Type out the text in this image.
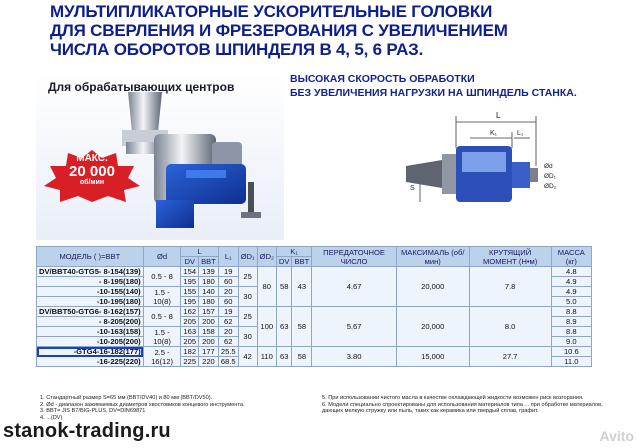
МУЛЬТИПЛИКАТОРНЫЕ УСКОРИТЕЛЬНЫЕ ГОЛОВКИ
ДЛЯ СВЕРЛЕНИЯ И ФРЕЗЕРОВАНИЯ С УВЕЛИЧЕНИЕМ
ЧИСЛА ОБОРОТОВ ШПИНДЕЛЯ В 4, 5, 6 РАЗ.
Для обрабатывающих центров
МАКС.
20 000
об/мин
ВЫСОКАЯ СКОРОСТЬ ОБРАБОТКИ
БЕЗ УВЕЛИЧЕНИЯ НАГРУЗКИ НА ШПИНДЕЛЬ СТАНКА.
L
K₁	L₁
S
Ød
ØD₁
ØD₂
МОДЕЛЬ ( )=BBT	Ød	L		L₁	ØD₁	ØD₂	K₁		ПЕРЕДАТОЧНОЕ ЧИСЛО	MAКСИМАЛЬ (об/мин)	КРУТЯЩИЙ МОМЕНТ (Н•м)	МАССА (кг)
		DV	BBT				DV	BBT				
DV/BBT40-GTG5- 8-154(139)	0.5 - 8	154	139	19	25	80	58	43	4.67	20,000	7.8	4.8
- 8-195(180)		195	180	60								4.9
-10-155(140)	1.5 - 10(8)	155	140	20	30							4.9
-10-195(180)		195	180	60								5.0
DV/BBT50-GTG6- 8-162(157)	0.5 - 8	162	157	19	25	100	63	58	5.67	20,000	8.0	8.8
- 8-205(200)		205	200	62								8.9
-10-163(158)	1.5 - 10(8)	163	158	20	30							8.8
-10-205(200)		205	200	62								9.0
-GTG4-16-182(177)	2.5 - 16(12)	182	177	25.5	42	110	63	58	3.80	15,000	27.7	10.6
-16-225(220)		225	220	68.5								11.0
1. Стандартный размер S=65 мм (BBT/DV40) и 80 мм (BBT/DV50).
2. Ød - диапазон зажимаемых диаметров хвостовиков концевого инструмента.
3. BBT= JIS B7/BIG-PLUS, DV=DIN69871
4. ...(DV)
5. При использовании чистого масла в качестве охлаждающей жидкости возможен риск возгорания.
6. Модели специально спроектированы для использования материалов типа ... при обработке материалов, дающих мелкую стружку или пыль, таких как керамика или твердый сплав, графит.
stanok-trading.ru	Avito
